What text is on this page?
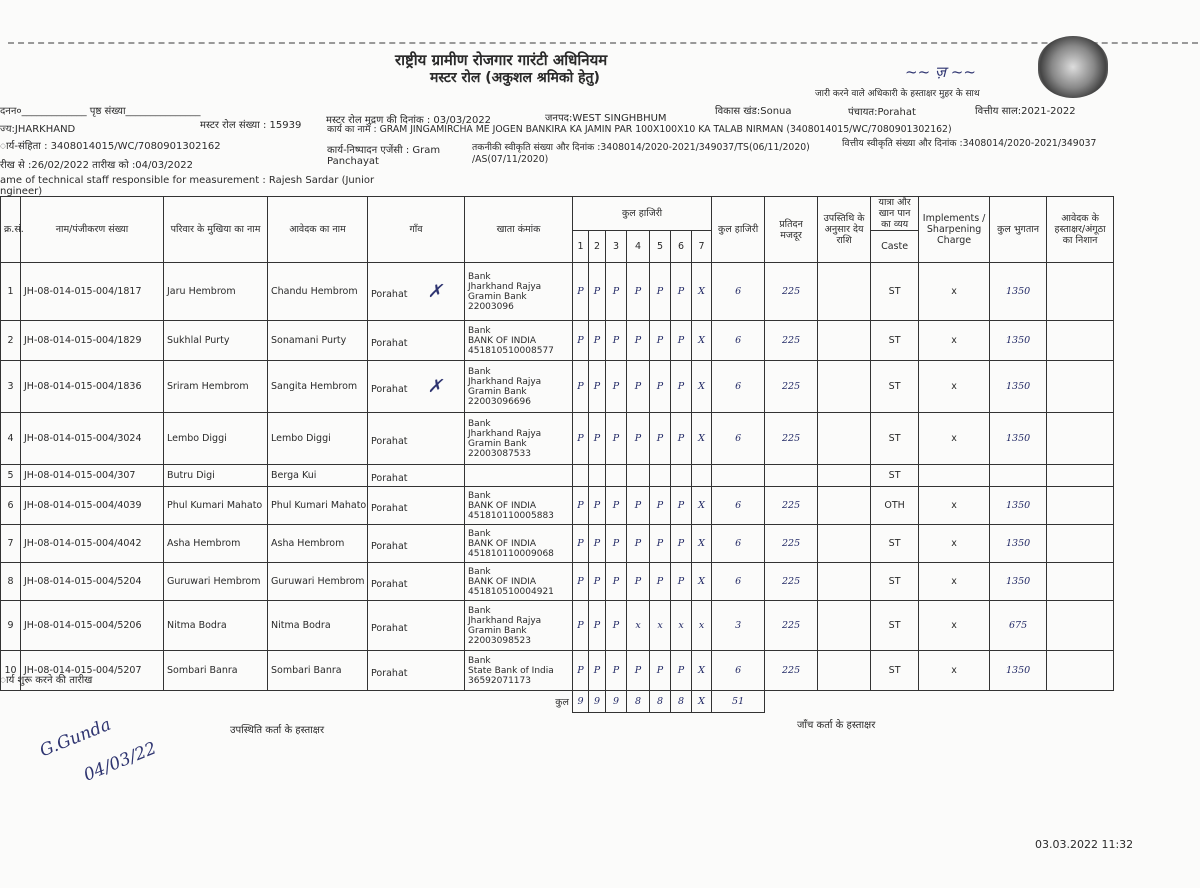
राष्ट्रीय ग्रामीण रोजगार गारंटी अधिनियम
मस्टर रोल (अकुशल श्रमिको हेतु)
जारी करने वाले अधिकारी के हस्ताक्षर मुहर के साथ
~~ ज़ ~~
दनन०_____________ पृष्ठ संख्या_______________
ज्य:JHARKHAND	मस्टर रोल संख्या : 15939 मस्टर रोल मुद्रण की दिनांक : 03/03/2022	जनपद:WEST SINGHBHUM
विकास खंड:Sonua	पंचायत:Porahat	वित्तीय साल:2021-2022
कार्य का नाम : GRAM JINGAMIRCHA ME JOGEN BANKIRA KA JAMIN PAR 100X100X10 KA TALAB NIRMAN (3408014015/WC/7080901302162)
ार्य-संहिता : 3408014015/WC/7080901302162	कार्य-निष्पादन एजेंसी : Gram
Panchayat
तकनीकी स्वीकृति संख्या और दिनांक :3408014/2020-2021/349037/TS(06/11/2020)
/AS(07/11/2020)
वित्तीय स्वीकृति संख्या और दिनांक :3408014/2020-2021/349037
रीख से :26/02/2022 तारीख को :04/03/2022
ame of technical staff responsible for measurement : Rajesh Sardar (Junior
ngineer)
क्र.सं.	नाम/पंजीकरण संख्या	परिवार के मुखिया का नाम	आवेदक का नाम	गाँव	खाता कंमांक	कुल हाजिरी							कुल हाजिरी	प्रतिदन मजदूर	उपस्तिथि के अनुसार देय राशि	यात्रा और खान पान का व्यय	Implements / Sharpening Charge	कुल भुगतान	आवेदक के हस्ताक्षर/अंगूठा का निशान
						1	2	3	4	5	6	7				Caste			
1	JH-08-014-015-004/1817	Jaru Hembrom	Chandu Hembrom	Porahat ✗	Bank
Jharkhand Rajya Gramin Bank
22003096	P	P	P	P	P	P	X	6	225		ST	x	1350	
2	JH-08-014-015-004/1829	Sukhlal Purty	Sonamani Purty	Porahat	Bank
BANK OF INDIA
451810510008577	P	P	P	P	P	P	X	6	225		ST	x	1350	
3	JH-08-014-015-004/1836	Sriram Hembrom	Sangita Hembrom	Porahat ✗	Bank
Jharkhand Rajya Gramin Bank
22003096696	P	P	P	P	P	P	X	6	225		ST	x	1350	
4	JH-08-014-015-004/3024	Lembo Diggi	Lembo Diggi	Porahat	Bank
Jharkhand Rajya Gramin Bank
22003087533	P	P	P	P	P	P	X	6	225		ST	x	1350	
5	JH-08-014-015-004/307	Butru Digi	Berga Kui	Porahat												ST			
6	JH-08-014-015-004/4039	Phul Kumari Mahato	Phul Kumari Mahato	Porahat	Bank
BANK OF INDIA
451810110005883	P	P	P	P	P	P	X	6	225		OTH	x	1350	
7	JH-08-014-015-004/4042	Asha Hembrom	Asha Hembrom	Porahat	Bank
BANK OF INDIA
451810110009068	P	P	P	P	P	P	X	6	225		ST	x	1350	
8	JH-08-014-015-004/5204	Guruwari Hembrom	Guruwari Hembrom	Porahat	Bank
BANK OF INDIA
451810510004921	P	P	P	P	P	P	X	6	225		ST	x	1350	
9	JH-08-014-015-004/5206	Nitma Bodra	Nitma Bodra	Porahat	Bank
Jharkhand Rajya Gramin Bank
22003098523	P	P	P	x	x	x	x	3	225		ST	x	675	
10	JH-08-014-015-004/5207	Sombari Banra	Sombari Banra	Porahat	Bank
State Bank of India
36592071173	P	P	P	P	P	P	X	6	225		ST	x	1350	
कुल						9	9	9	8	8	8	X	51						
ार्य शुरू करने की तारीख
उपस्थिति कर्ता के हस्ताक्षर	जाँच कर्ता के हस्ताक्षर
03.03.2022 11:32
G.Gunda
04/03/22
